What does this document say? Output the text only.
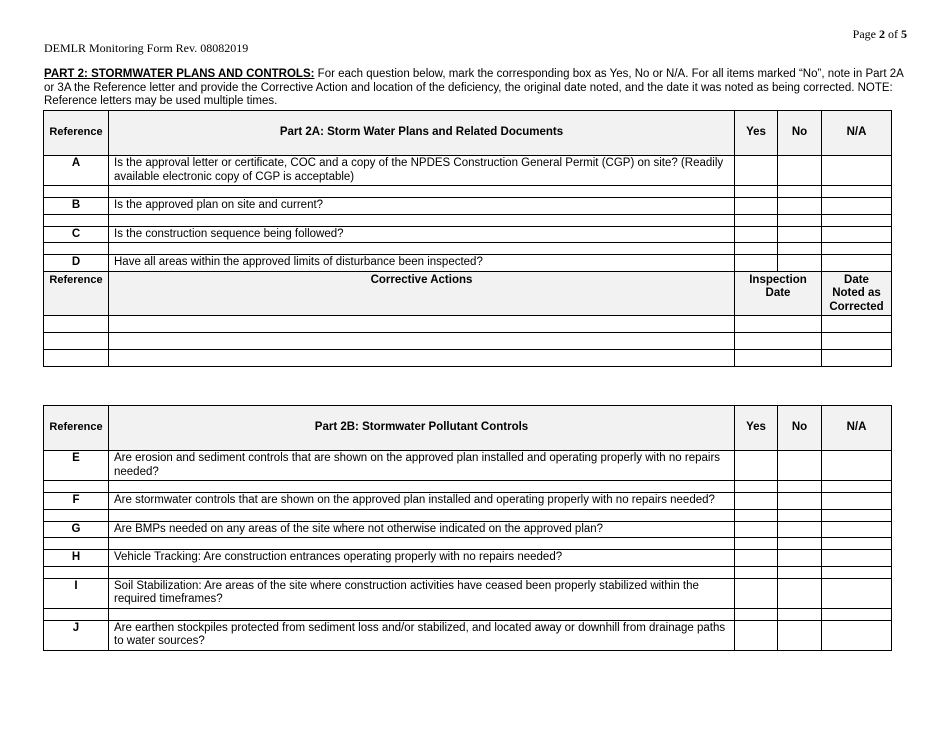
Page 2 of 5
DEMLR Monitoring Form Rev. 08082019
PART 2: STORMWATER PLANS AND CONTROLS: For each question below, mark the corresponding box as Yes, No or N/A. For all items marked “No”, note in Part 2A or 3A the Reference letter and provide the Corrective Action and location of the deficiency, the original date noted, and the date it was noted as being corrected. NOTE: Reference letters may be used multiple times.
Reference	Part 2A: Storm Water Plans and Related Documents	Yes	No	N/A
A	Is the approval letter or certificate, COC and a copy of the NPDES Construction General Permit (CGP) on site? (Readily available electronic copy of CGP is acceptable)			

B	Is the approved plan on site and current?			

C	Is the construction sequence being followed?			

D	Have all areas within the approved limits of disturbance been inspected?			
Reference	Corrective Actions	Inspection Date		Date Noted as Corrected

Reference	Part 2B: Stormwater Pollutant Controls	Yes	No	N/A
E	Are erosion and sediment controls that are shown on the approved plan installed and operating properly with no repairs needed?			

F	Are stormwater controls that are shown on the approved plan installed and operating properly with no repairs needed?			

G	Are BMPs needed on any areas of the site where not otherwise indicated on the approved plan?			

H	Vehicle Tracking: Are construction entrances operating properly with no repairs needed?			

I	Soil Stabilization: Are areas of the site where construction activities have ceased been properly stabilized within the required timeframes?			

J	Are earthen stockpiles protected from sediment loss and/or stabilized, and located away or downhill from drainage paths to water sources?			
